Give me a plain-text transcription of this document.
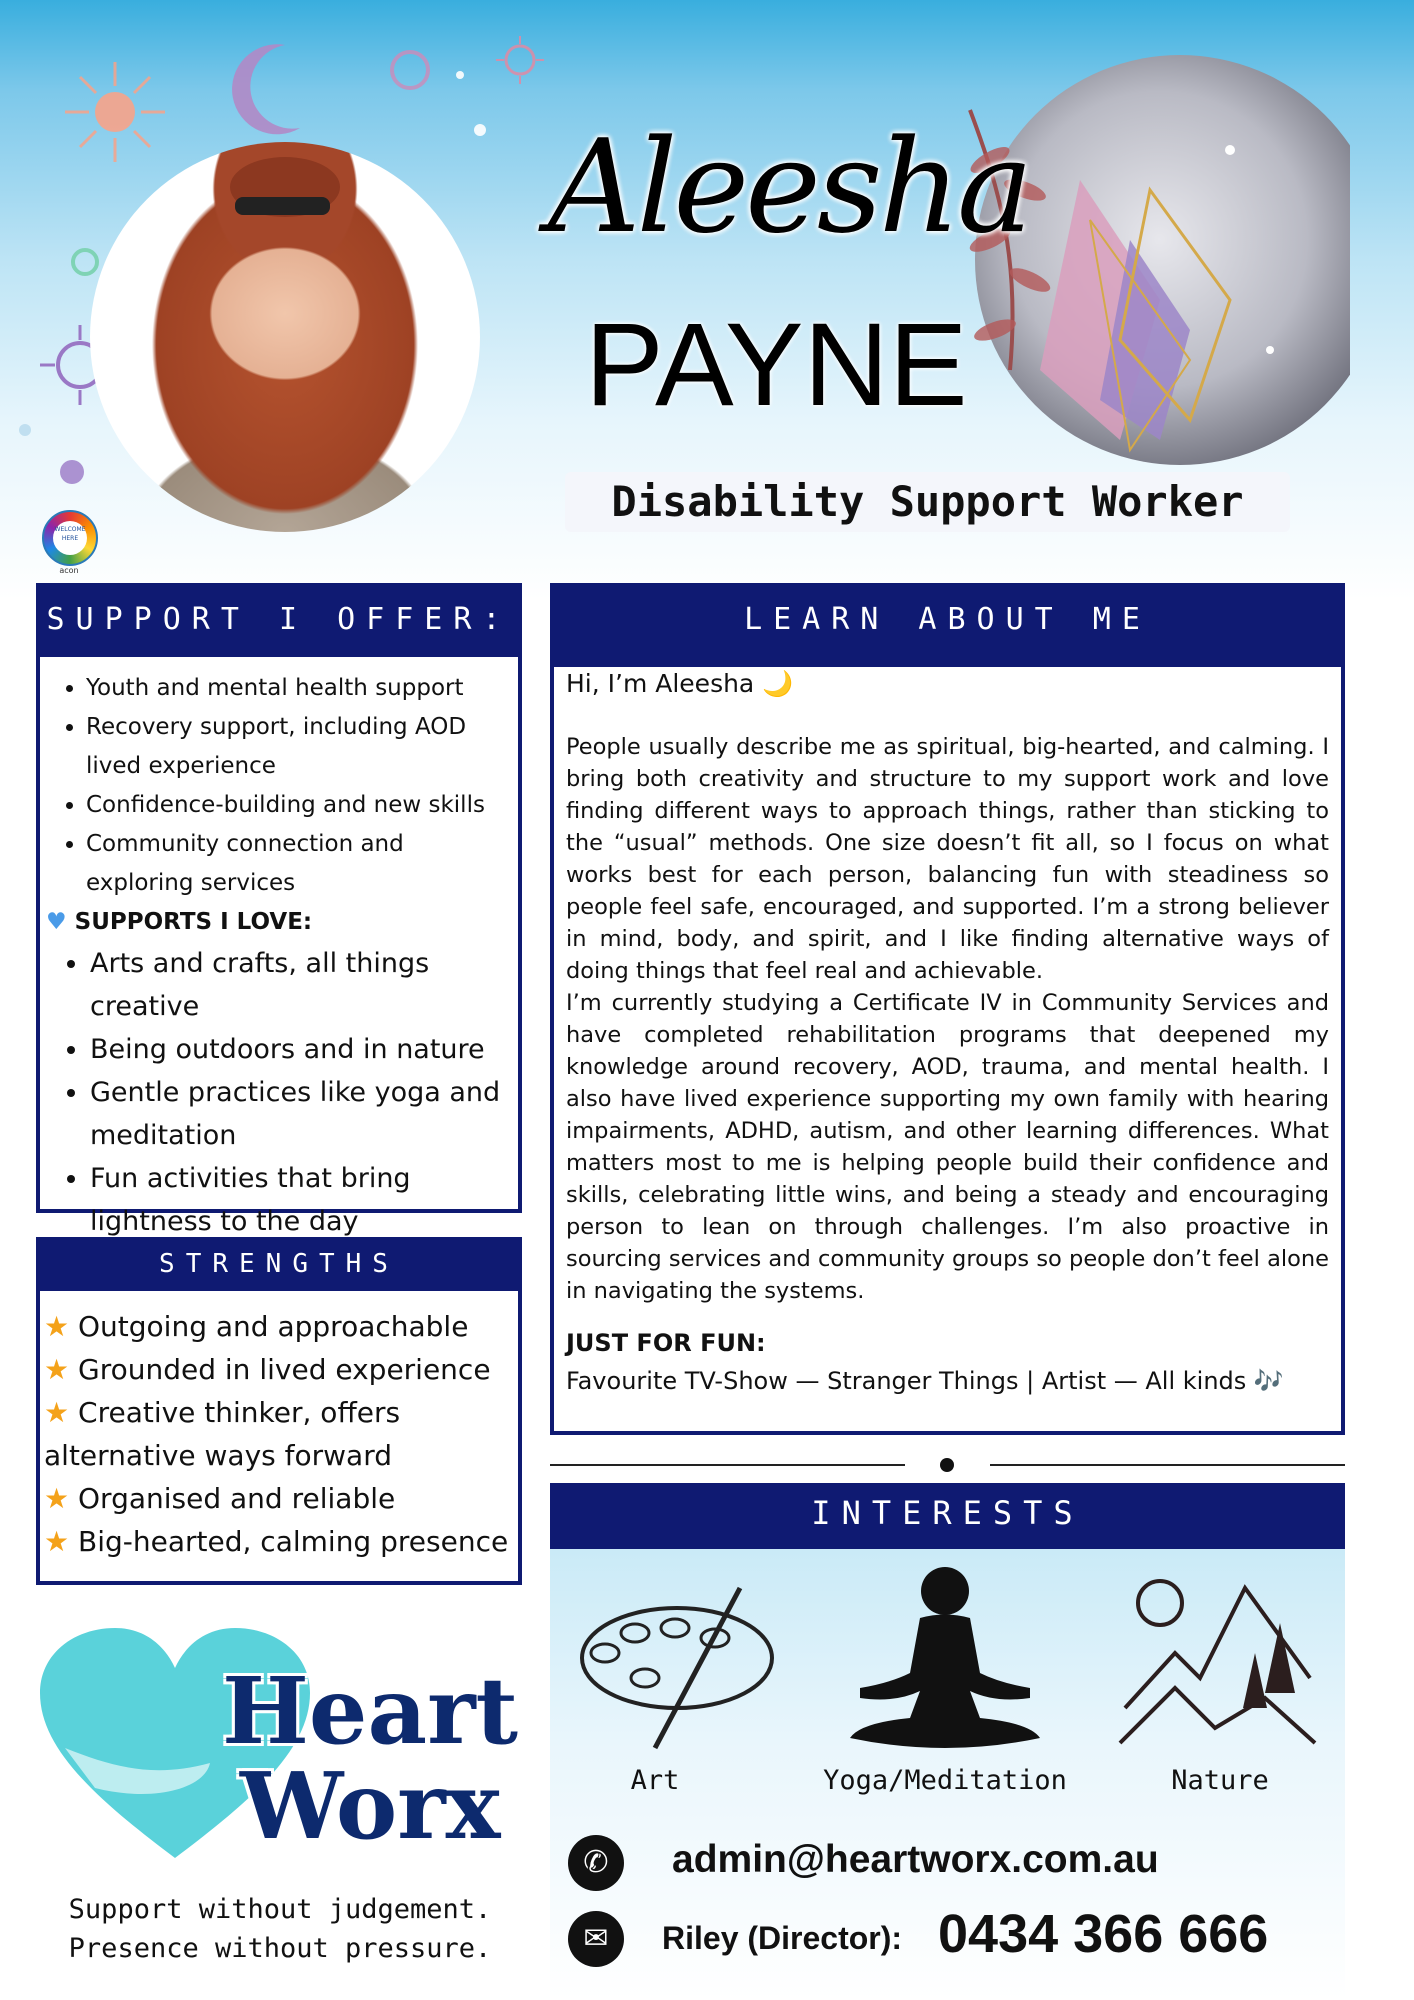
WELCOME HERE
acon
Aleesha
PAYNE
Disability Support Worker
SUPPORT I OFFER:
• Youth and mental health support
• Recovery support, including AOD lived experience
• Confidence-building and new skills
• Community connection and exploring services
♥ SUPPORTS I LOVE:
• Arts and crafts, all things creative
• Being outdoors and in nature
• Gentle practices like yoga and meditation
• Fun activities that bring lightness to the day
STRENGTHS
★ Outgoing and approachable
★ Grounded in lived experience
★ Creative thinker, offers alternative ways forward
★ Organised and reliable
★ Big-hearted, calming presence
LEARN ABOUT ME
Hi, I’m Aleesha 🌙
People usually describe me as spiritual, big-hearted, and calming. I bring both creativity and structure to my support work and love finding different ways to approach things, rather than sticking to the “usual” methods. One size doesn’t fit all, so I focus on what works best for each person, balancing fun with steadiness so people feel safe, encouraged, and supported. I’m a strong believer in mind, body, and spirit, and I like finding alternative ways of doing things that feel real and achievable.
I’m currently studying a Certificate IV in Community Services and have completed rehabilitation programs that deepened my knowledge around recovery, AOD, trauma, and mental health. I also have lived experience supporting my own family with hearing impairments, ADHD, autism, and other learning differences. What matters most to me is helping people build their confidence and skills, celebrating little wins, and being a steady and encouraging person to lean on through challenges. I’m also proactive in sourcing services and community groups so people don’t feel alone in navigating the systems.
JUST FOR FUN:
Favourite TV-Show — Stranger Things | Artist — All kinds 🎶
INTERESTS
Art	Yoga/Meditation	Nature
✆	admin@heartworx.com.au
✉	Riley (Director): 0434 366 666
Heart
Worx
Support without judgement.
Presence without pressure.
